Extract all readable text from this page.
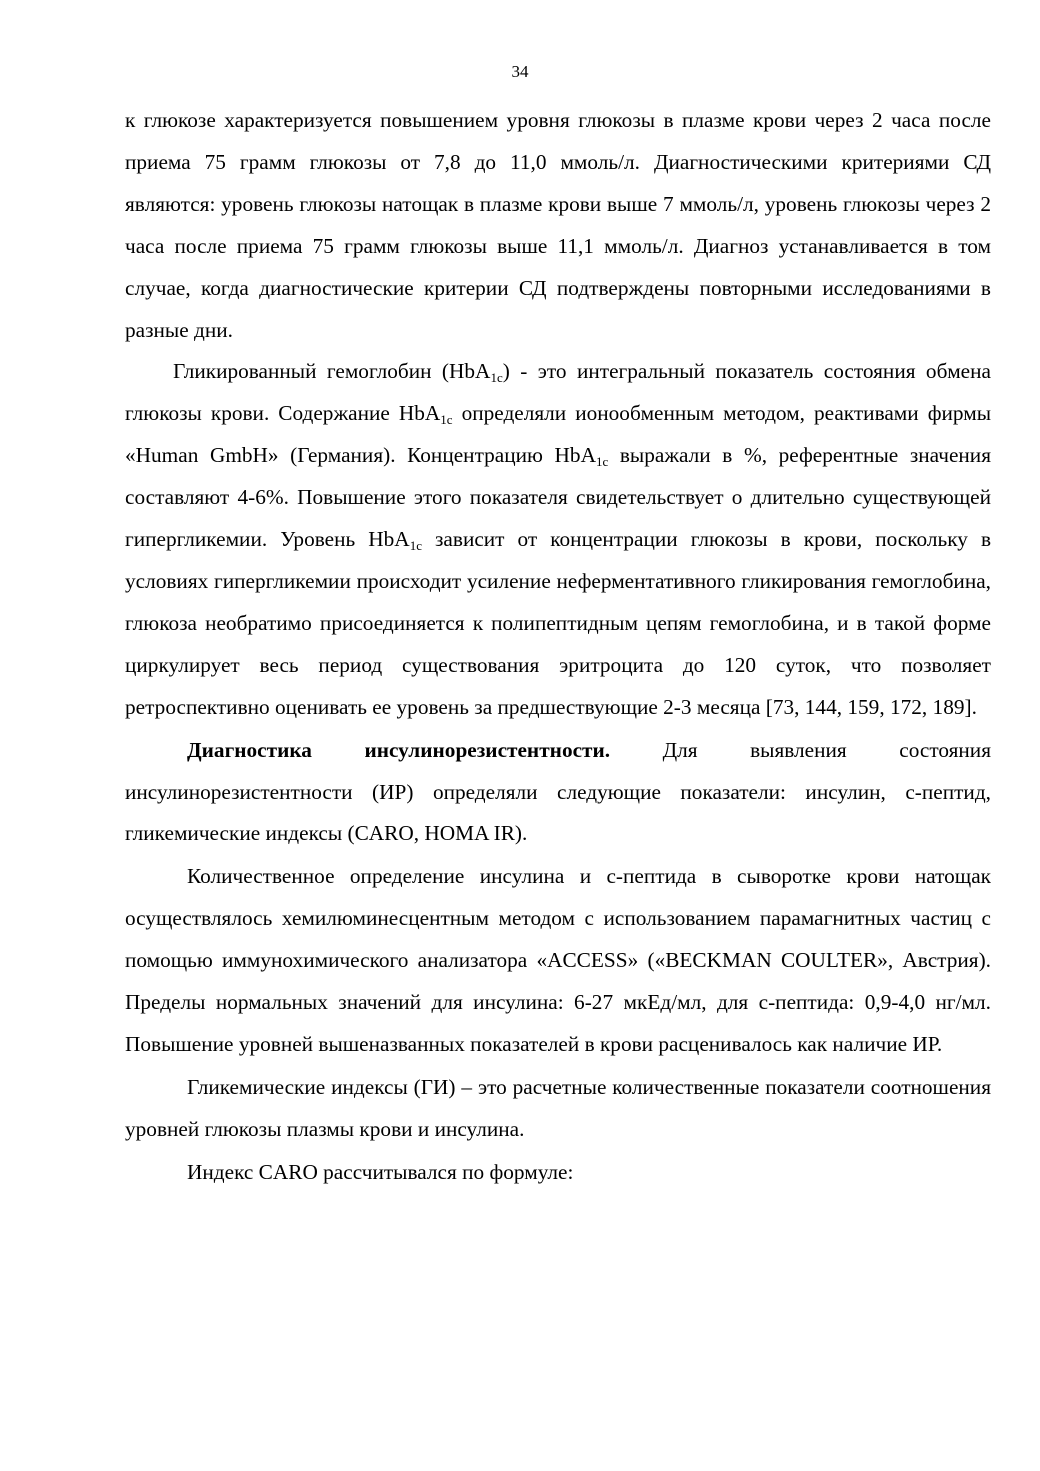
34

к глюкозе характеризуется повышением уровня глюкозы в плазме крови через 2 часа после приема 75 грамм глюкозы от 7,8 до 11,0 ммоль/л. Диагностическими критериями СД являются: уровень глюкозы натощак в плазме крови выше 7 ммоль/л, уровень глюкозы через 2 часа после приема 75 грамм глюкозы выше 11,1 ммоль/л. Диагноз устанавливается в том случае, когда диагностические критерии СД подтверждены повторными исследованиями в разные дни.

Гликированный гемоглобин (HbA$_{1c}$) - это интегральный показатель состояния обмена глюкозы крови. Содержание HbA$_{1c}$ определяли ионообменным методом, реактивами фирмы «Human GmbH» (Германия). Концентрацию HbA$_{1c}$ выражали в %, референтные значения составляют 4-6%. Повышение этого показателя свидетельствует о длительно существующей гипергликемии. Уровень HbA$_{1c}$ зависит от концентрации глюкозы в крови, поскольку в условиях гипергликемии происходит усиление неферментативного гликирования гемоглобина, глюкоза необратимо присоединяется к полипептидным цепям гемоглобина, и в такой форме циркулирует весь период существования эритроцита до 120 суток, что позволяет ретроспективно оценивать ее уровень за предшествующие 2-3 месяца [73, 144, 159, 172, 189].

Диагностика инсулинорезистентности. Для выявления состояния инсулинорезистентности (ИР) определяли следующие показатели: инсулин, с-пептид, гликемические индексы (CARO, HOMA IR).

Количественное определение инсулина и с-пептида в сыворотке крови натощак осуществлялось хемилюминесцентным методом с использованием парамагнитных частиц с помощью иммунохимического анализатора «ACCESS» («BECKMAN COULTER», Австрия). Пределы нормальных значений для инсулина: 6-27 мкЕд/мл, для с-пептида: 0,9-4,0 нг/мл. Повышение уровней вышеназванных показателей в крови расценивалось как наличие ИР.

Гликемические индексы (ГИ) – это расчетные количественные показатели соотношения уровней глюкозы плазмы крови и инсулина.

Индекс CARO рассчитывался по формуле:
